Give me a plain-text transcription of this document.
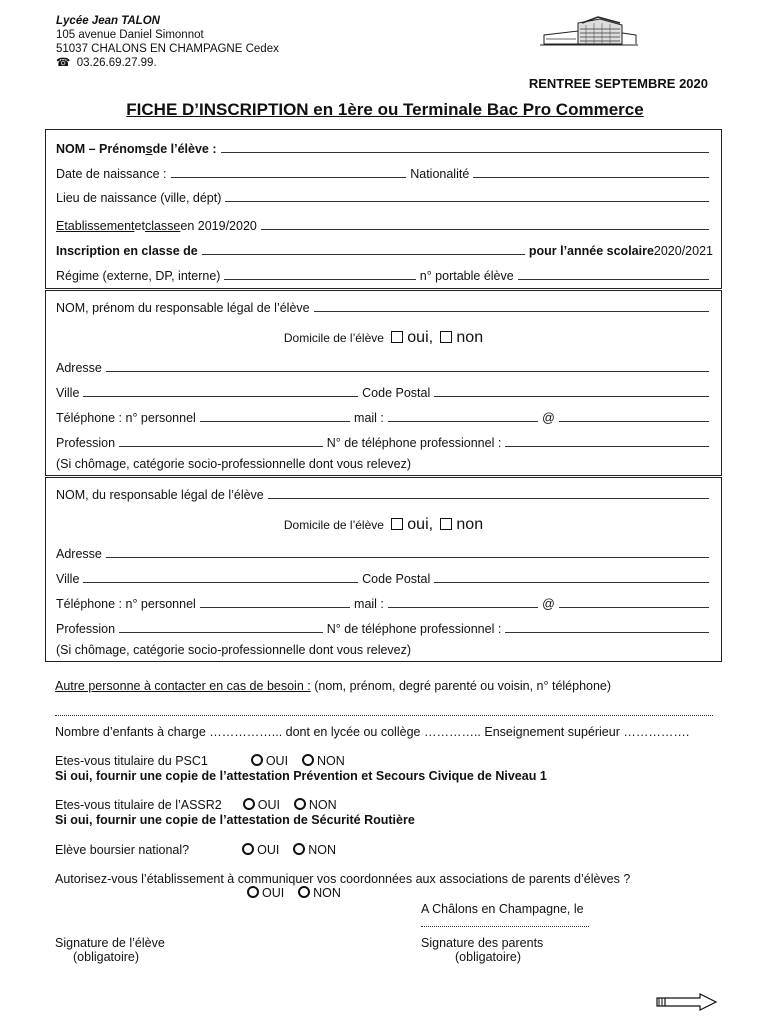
Lycée Jean TALON
105 avenue Daniel Simonnot
51037 CHALONS EN CHAMPAGNE Cedex
☎ 03.26.69.27.99.
RENTREE SEPTEMBRE 2020
FICHE D’INSCRIPTION en 1ère ou Terminale Bac Pro Commerce
NOM – Prénom s de l’élève :
Date de naissance :	Nationalité
Lieu de naissance (ville, dépt)
Etablissement et classe en 2019/2020
Inscription en classe de	pour l’année scolaire 2020/2021
Régime (externe, DP, interne)	n° portable élève
NOM, prénom du responsable légal de l’élève
Domicile de l’élève oui, non
Adresse
Ville	Code Postal
Téléphone : n° personnel	mail :	@
Profession	N° de téléphone professionnel :
(Si chômage, catégorie socio-professionnelle dont vous relevez)
NOM, du responsable légal de l’élève
Domicile de l’élève oui, non
Adresse
Ville	Code Postal
Téléphone : n° personnel	mail :	@
Profession	N° de téléphone professionnel :
(Si chômage, catégorie socio-professionnelle dont vous relevez)
Autre personne à contacter en cas de besoin : (nom, prénom, degré parenté ou voisin, n° téléphone)
Nombre d’enfants à charge ……………... dont en lycée ou collège ………….. Enseignement supérieur …………….
Etes-vous titulaire du PSC1	OUI NON
Si oui, fournir une copie de l’attestation Prévention et Secours Civique de Niveau 1
Etes-vous titulaire de l’ASSR2	OUI NON
Si oui, fournir une copie de l’attestation de Sécurité Routière
Elève boursier national?	OUI NON
Autorisez-vous l’établissement à communiquer vos coordonnées aux associations de parents d’élèves ?
OUI NON
A Châlons en Champagne, le
Signature de l’élève
(obligatoire)
Signature des parents
(obligatoire)
